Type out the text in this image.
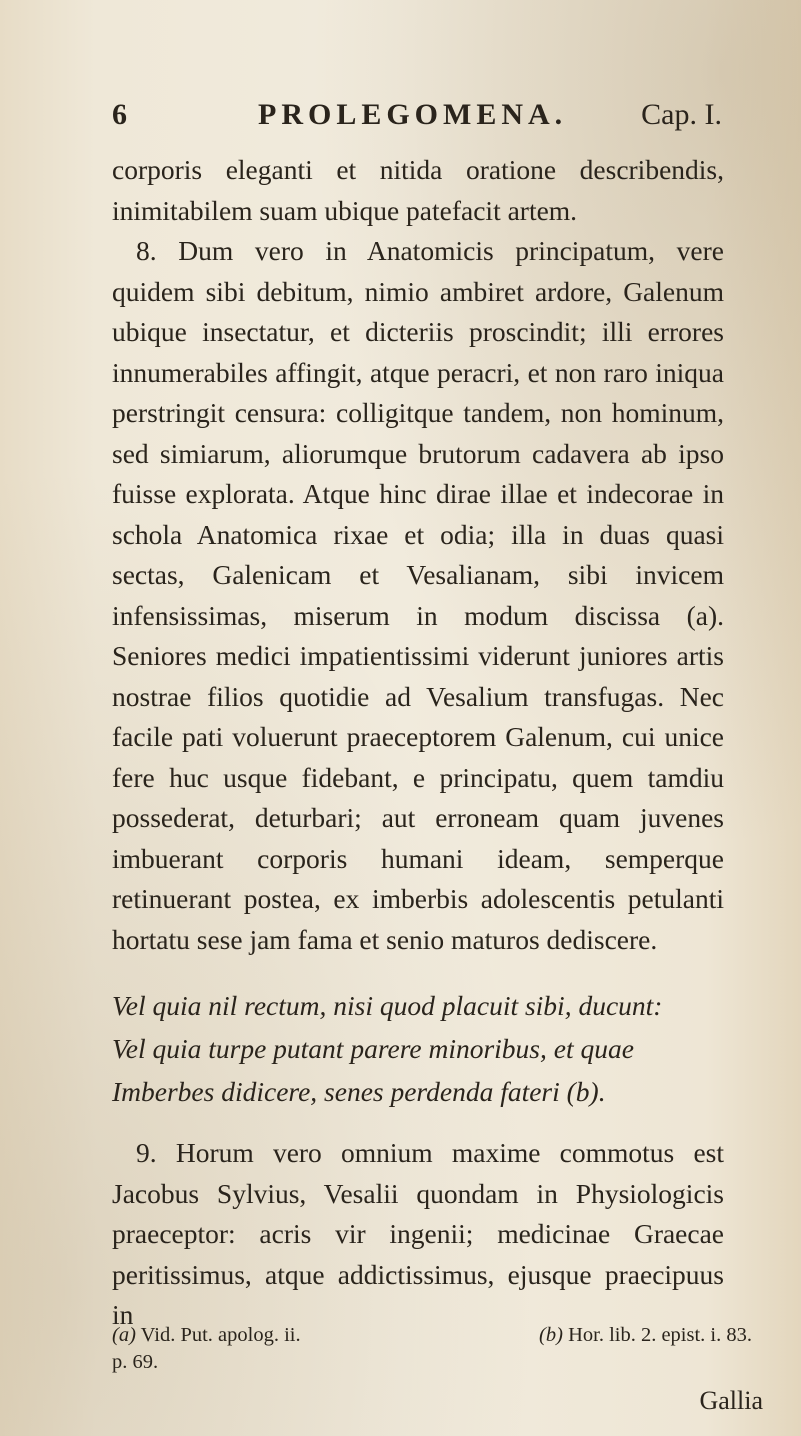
6	PROLEGOMENA. Cap. I.

corporis eleganti et nitida oratione describendis, inimitabilem suam ubique patefacit artem.

8. Dum vero in Anatomicis principatum, vere quidem sibi debitum, nimio ambiret ardore, Galenum ubique insectatur, et dicteriis proscindit; illi errores innumerabiles affingit, atque peracri, et non raro iniqua perstringit censura: colligitque tandem, non hominum, sed simiarum, aliorumque brutorum cadavera ab ipso fuisse explorata. Atque hinc dirae illae et indecorae in schola Anatomica rixae et odia; illa in duas quasi sectas, Galenicam et Vesalianam, sibi invicem infensissimas, miserum in modum discissa (a). Seniores medici impatientissimi viderunt juniores artis nostrae filios quotidie ad Vesalium transfugas. Nec facile pati voluerunt praeceptorem Galenum, cui unice fere huc usque fidebant, e principatu, quem tamdiu possederat, deturbari; aut erroneam quam juvenes imbuerant corporis humani ideam, semperque retinuerant postea, ex imberbis adolescentis petulanti hortatu sese jam fama et senio maturos dediscere.

Vel quia nil rectum, nisi quod placuit sibi, ducunt:
Vel quia turpe putant parere minoribus, et quae
Imberbes didicere, senes perdenda fateri (b).

9. Horum vero omnium maxime commotus est Jacobus Sylvius, Vesalii quondam in Physiologicis praeceptor: acris vir ingenii; medicinae Graecae peritissimus, atque addictissimus, ejusque praecipuus in

(a) Vid. Put. apolog. ii.	(b) Hor. lib. 2. epist. i. 83.
p. 69.
Gallia
